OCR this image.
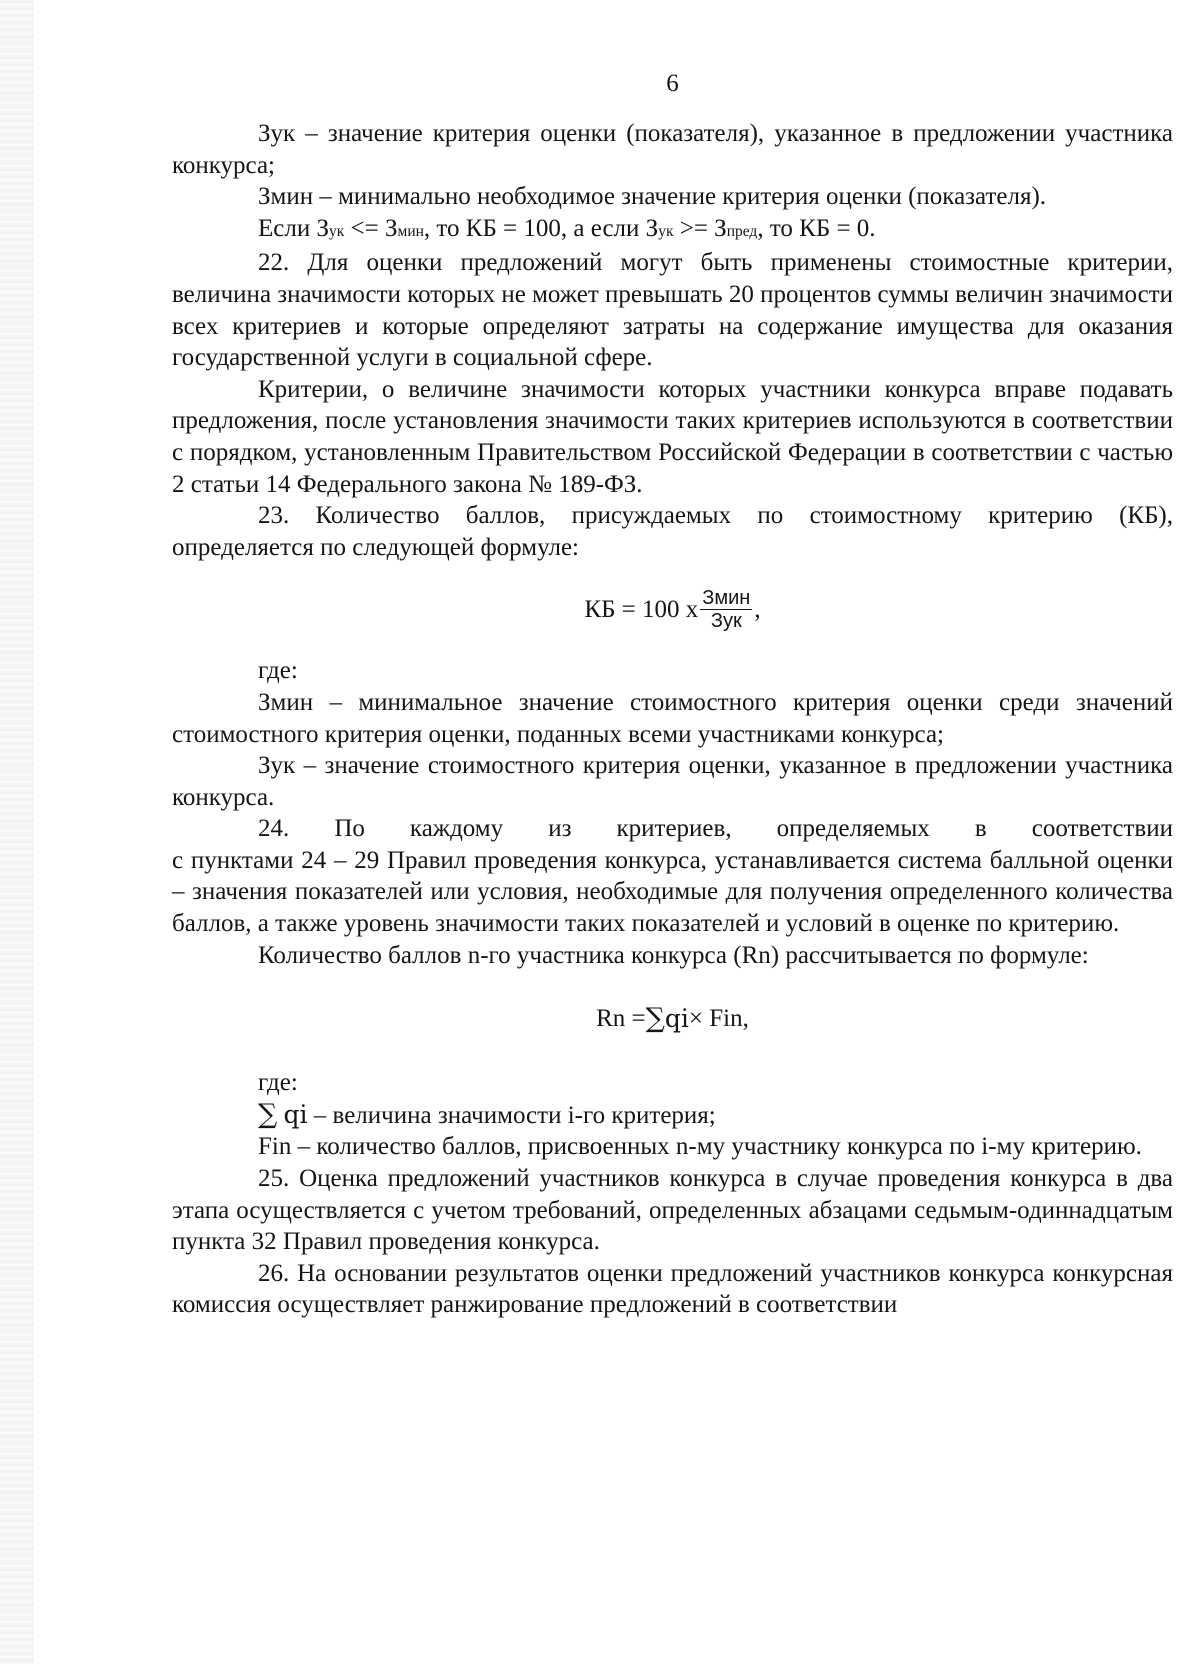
6

Зук – значение критерия оценки (показателя), указанное в предложении участника конкурса;

Змин – минимально необходимое значение критерия оценки (показателя).

Если Зук <= Змин, то КБ = 100, а если Зук >= Зпред, то КБ = 0.

22. Для оценки предложений могут быть применены стоимостные критерии, величина значимости которых не может превышать 20 процентов суммы величин значимости всех критериев и которые определяют затраты на содержание имущества для оказания государственной услуги в социальной сфере.

Критерии, о величине значимости которых участники конкурса вправе подавать предложения, после установления значимости таких критериев используются в соответствии с порядком, установленным Правительством Российской Федерации в соответствии с частью 2 статьи 14 Федерального закона № 189-ФЗ.

23. Количество баллов, присуждаемых по стоимостному критерию (КБ), определяется по следующей формуле:

КБ = 100 х $\frac{\text{Змин}}{\text{Зук}}$ ,

где:

Змин – минимальное значение стоимостного критерия оценки среди значений стоимостного критерия оценки, поданных всеми участниками конкурса;

Зук – значение стоимостного критерия оценки, указанное в предложении участника конкурса.

24. По каждому из критериев, определяемых в соответствии

с пунктами 24 – 29 Правил проведения конкурса, устанавливается система балльной оценки – значения показателей или условия, необходимые для получения определенного количества баллов, а также уровень значимости таких показателей и условий в оценке по критерию.

Количество баллов n-го участника конкурса (Rn) рассчитывается по формуле:

Rn = ∑ qi × Fin,

где:

∑ qi – величина значимости i-го критерия;

Fin – количество баллов, присвоенных n-му участнику конкурса по i-му критерию.

25. Оценка предложений участников конкурса в случае проведения конкурса в два этапа осуществляется с учетом требований, определенных абзацами седьмым-одиннадцатым пункта 32 Правил проведения конкурса.

26. На основании результатов оценки предложений участников конкурса конкурсная комиссия осуществляет ранжирование предложений в соответствии
